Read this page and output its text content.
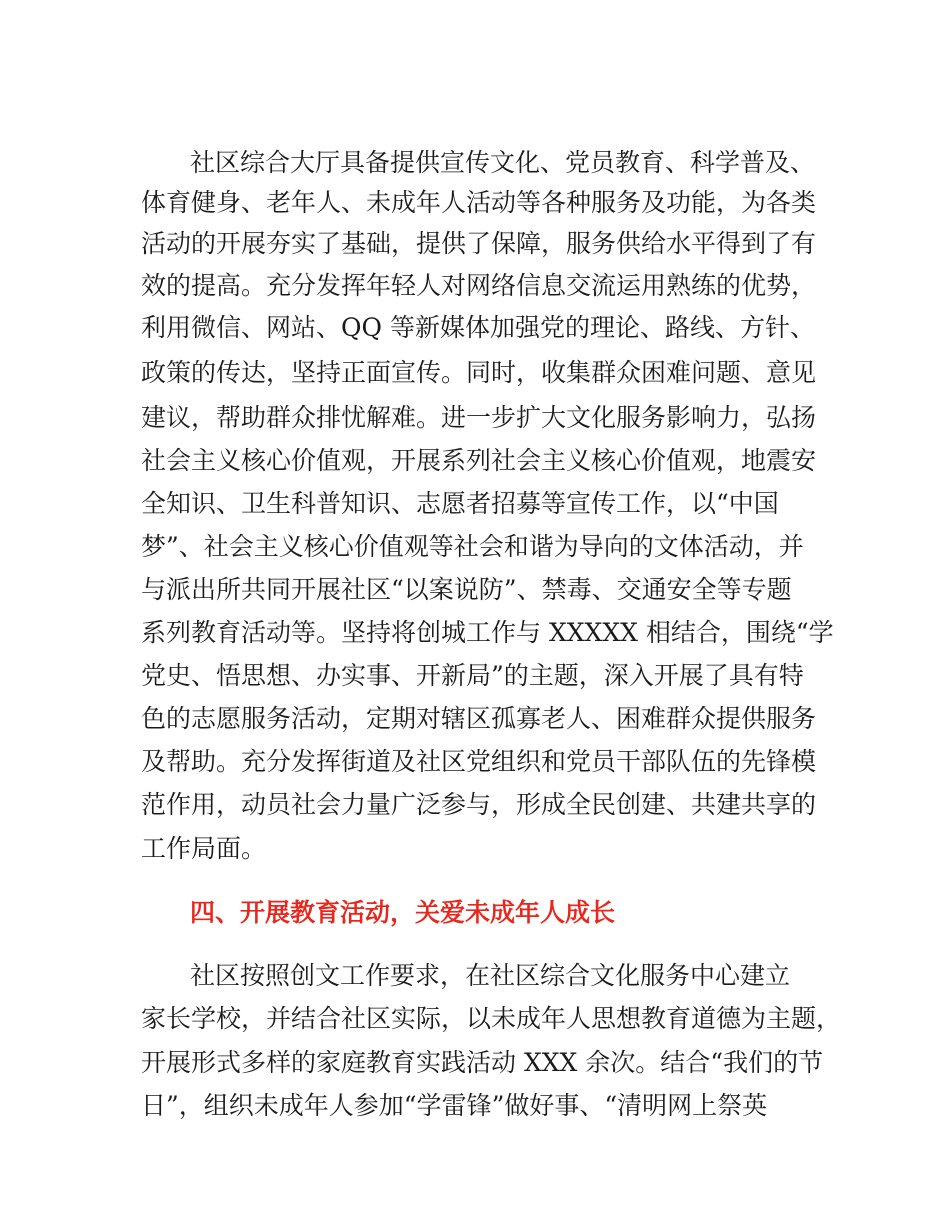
社区综合大厅具备提供宣传文化、党员教育、科学普及、
体育健身、老年人、未成年人活动等各种服务及功能，为各类
活动的开展夯实了基础，提供了保障，服务供给水平得到了有
效的提高。充分发挥年轻人对网络信息交流运用熟练的优势，
利用微信、网站、QQ 等新媒体加强党的理论、路线、方针、
政策的传达，坚持正面宣传。同时，收集群众困难问题、意见
建议，帮助群众排忧解难。进一步扩大文化服务影响力，弘扬
社会主义核心价值观，开展系列社会主义核心价值观，地震安
全知识、卫生科普知识、志愿者招募等宣传工作，以“中国
梦”、社会主义核心价值观等社会和谐为导向的文体活动，并
与派出所共同开展社区“以案说防”、禁毒、交通安全等专题
系列教育活动等。坚持将创城工作与 XXXXX 相结合，围绕“学
党史、悟思想、办实事、开新局”的主题，深入开展了具有特
色的志愿服务活动，定期对辖区孤寡老人、困难群众提供服务
及帮助。充分发挥街道及社区党组织和党员干部队伍的先锋模
范作用，动员社会力量广泛参与，形成全民创建、共建共享的
工作局面。
四、开展教育活动，关爱未成年人成长
社区按照创文工作要求，在社区综合文化服务中心建立
家长学校，并结合社区实际，以未成年人思想教育道德为主题，
开展形式多样的家庭教育实践活动 XXX 余次。结合“我们的节
日”，组织未成年人参加“学雷锋”做好事、“清明网上祭英
